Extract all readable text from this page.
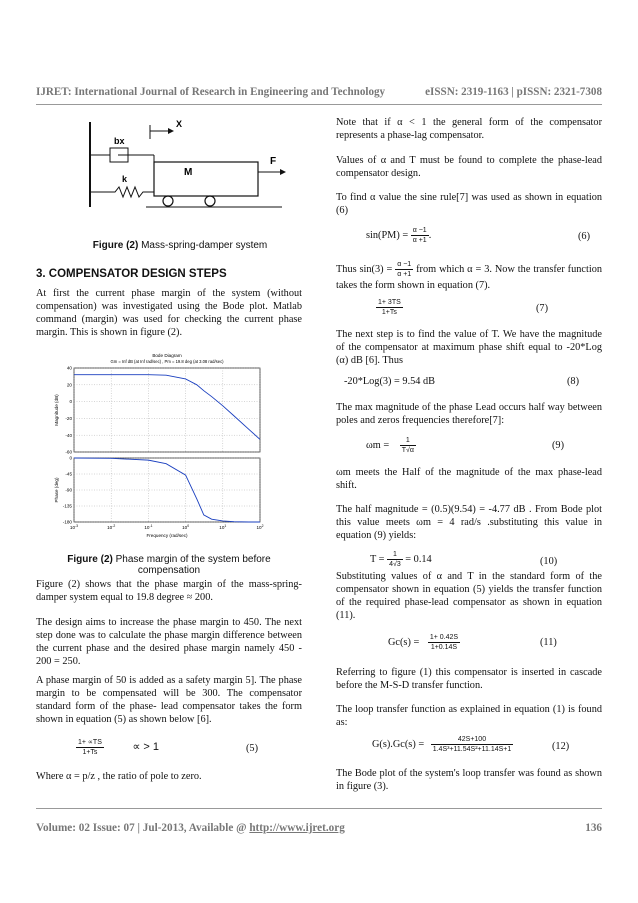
IJRET: International Journal of Research in Engineering and Technology	eISSN: 2319-1163 | pISSN: 2321-7308
X
bx
k
M
F
Figure (2) Mass-spring-damper system
3. COMPENSATOR DESIGN STEPS
At first the current phase margin of the system (without compensation) was investigated using the Bode plot. Matlab command (margin) was used for checking the current phase margin. This is shown in figure (2).
Bode Diagram
Gm = Inf dB (at Inf rad/sec) , Pm = 19.8 deg (at 3.08 rad/sec)
40
20
0
-20
-40
-60
Magnitude (dB)
0
-45
-90
-135
-180
Phase (deg)
$10^{-3}$	$10^{-2}$	$10^{-1}$	$10^0$	$10^1$	$10^2$
Frequency (rad/sec)
Figure (2) Phase margin of the system before compensation
Figure (2) shows that the phase margin of the mass-spring-damper system equal to 19.8 degree ≈ 200.
The design aims to increase the phase margin to 450. The next step done was to calculate the phase margin difference between the current phase and the desired phase margin namely 450 - 200 = 250.
A phase margin of 50 is added as a safety margin 5]. The phase margin to be compensated will be 300. The compensator standard form of the phase- lead compensator takes the form shown in equation (5) as shown below [6].
$\frac{1+ \propto TS}{1+Ts}$	∝ > 1	(5)
Where α = p/z , the ratio of pole to zero.
Note that if α < 1 the general form of the compensator represents a phase-lag compensator.
Values of α and T must be found to complete the phase-lead compensator design.
To find α value the sine rule[7] was used as shown in equation (6)
$\sin(PM) = \frac{\alpha -1}{\alpha +1}$ .	(6)
Thus $\sin(3) = \frac{\alpha -1}{\alpha +1}$ from which α = 3. Now the transfer function takes the form shown in equation (7).
$\frac{1+ 3TS}{1+Ts}$	(7)
The next step is to find the value of T. We have the magnitude of the compensator at maximum phase shift equal to -20*Log (α) dB [6]. Thus
-20*Log(3) = 9.54 dB	(8)
The max magnitude of the phase Lead occurs half way between poles and zeros frequencies therefore[7]:
$\omega m = \frac{1}{T√\alpha}$	(9)
ωm meets the Half of the magnitude of the max phase-lead shift.
The half magnitude = (0.5)(9.54) = -4.77 dB . From Bode plot this value meets ωm = 4 rad/s .substituting this value in equation (9) yields:
$T = \frac{1}{4√3} = 0.14$	(10)
Substituting values of α and T in the standard form of the compensator shown in equation (5) yields the transfer function of the required phase-lead compensator as shown in equation (11).
$Gc(s) = \frac{1+ 0.42S}{1+0.14S}$	(11)
Referring to figure (1) this compensator is inserted in cascade before the M-S-D transfer function.
The loop transfer function as explained in equation (1) is found as:
$G(s).Gc(s) = \frac{42S+100}{\text{1.4S³+11.54S²+11.14S+1}}$	(12)
The Bode plot of the system's loop transfer was found as shown in figure (3).
Volume: 02 Issue: 07 | Jul-2013, Available @ http://www.ijret.org	136
